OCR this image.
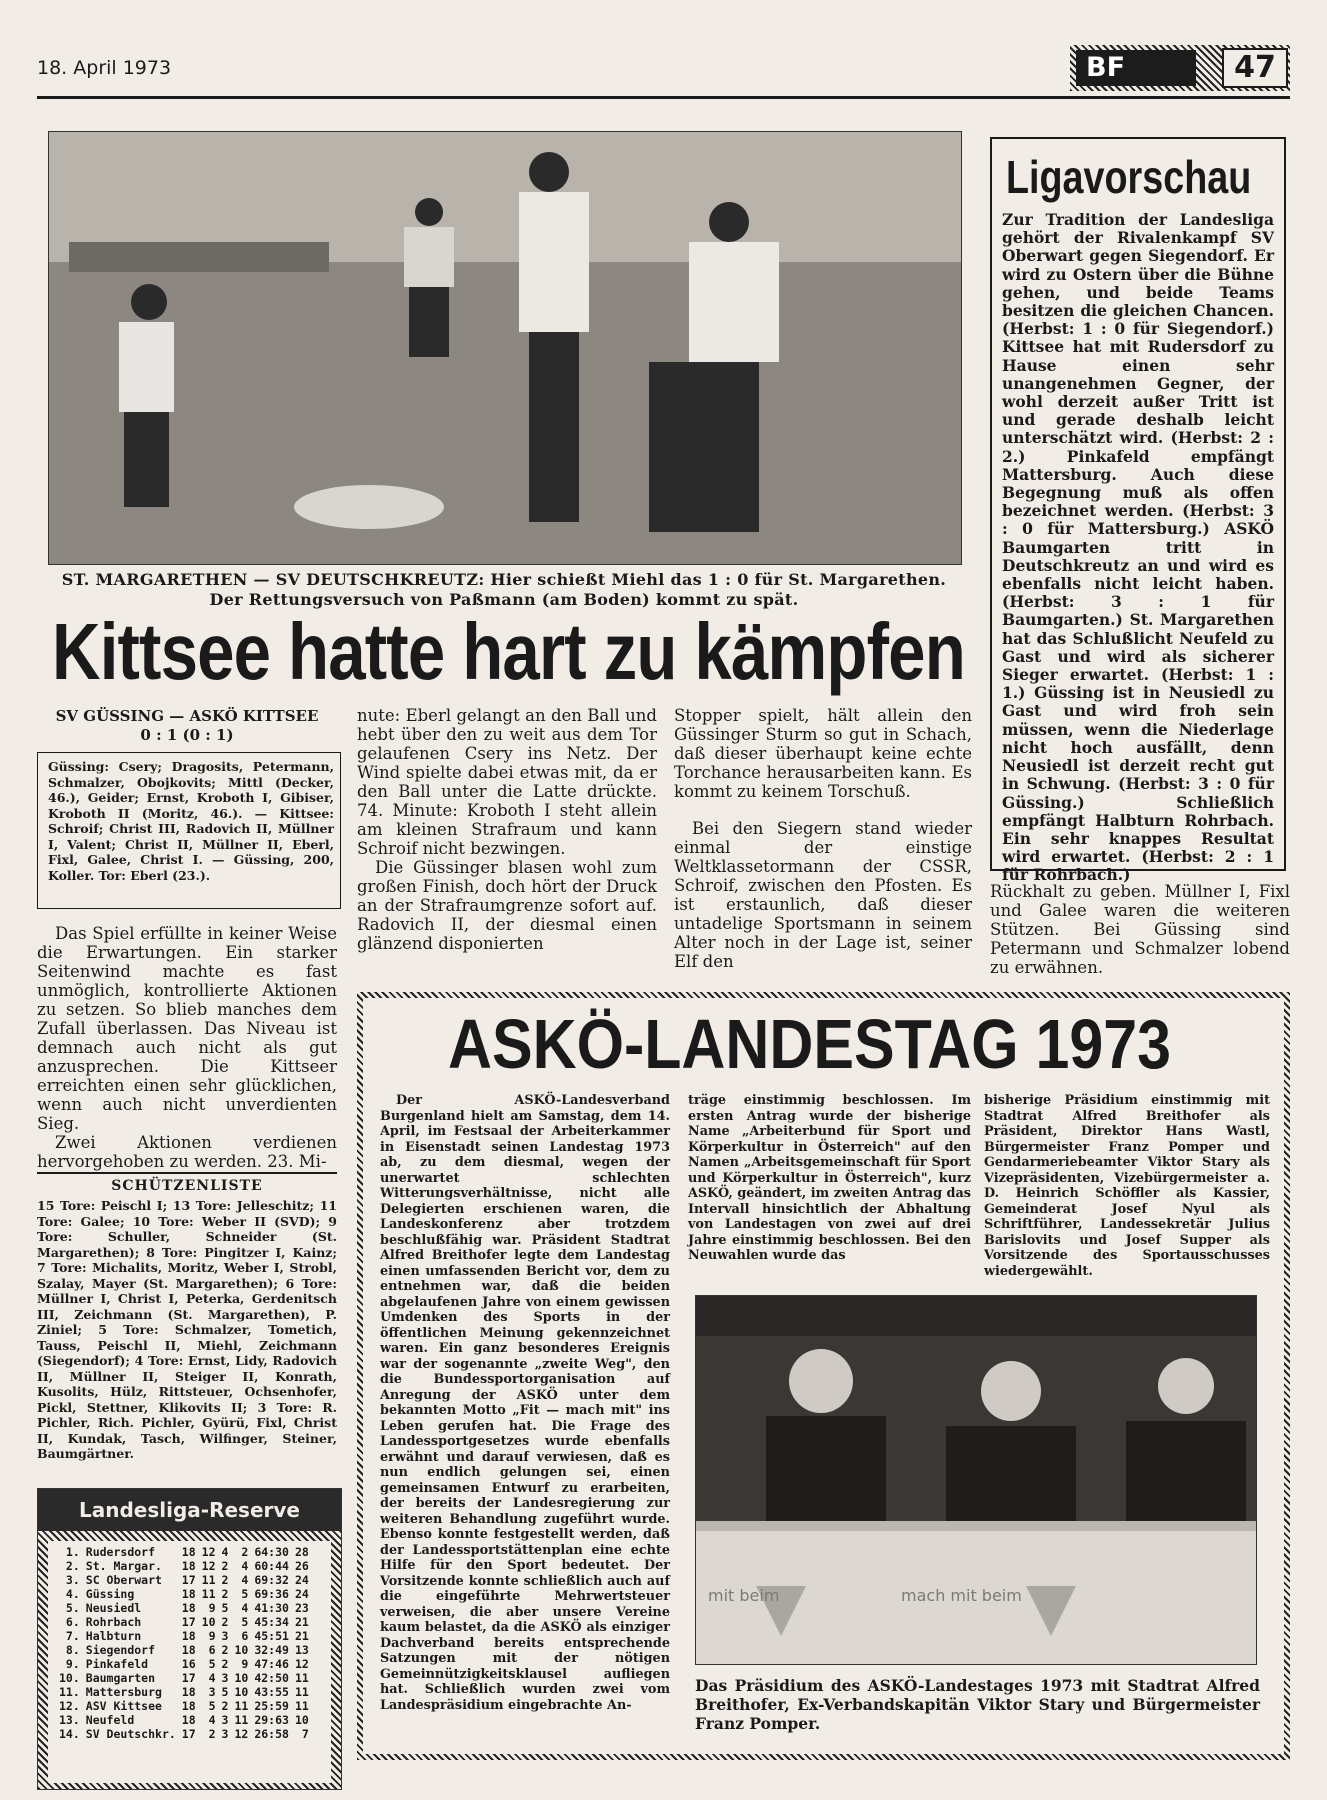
18. April 1973	BF	47
ST. MARGARETHEN — SV DEUTSCHKREUTZ: Hier schießt Miehl das 1 : 0 für St. Margarethen. Der Rettungsversuch von Paßmann (am Boden) kommt zu spät.
Kittsee hatte hart zu kämpfen
SV GÜSSING — ASKÖ KITTSEE
0 : 1 (0 : 1)

Güssing: Csery; Dragosits, Petermann, Schmalzer, Obojkovits; Mittl (Decker, 46.), Geider; Ernst, Kroboth I, Gibiser, Kroboth II (Moritz, 46.). — Kittsee: Schroif; Christ III, Radovich II, Müllner I, Valent; Christ II, Müllner II, Eberl, Fixl, Galee, Christ I. — Güssing, 200, Koller. Tor: Eberl (23.).

Das Spiel erfüllte in keiner Weise die Erwartungen. Ein starker Seitenwind machte es fast unmöglich, kontrollierte Aktionen zu setzen. So blieb manches dem Zufall überlassen. Das Niveau ist demnach auch nicht als gut anzusprechen. Die Kittseer erreichten einen sehr glücklichen, wenn auch nicht unverdienten Sieg.

Zwei Aktionen verdienen hervorgehoben zu werden. 23. Mi-

nute: Eberl gelangt an den Ball und hebt über den zu weit aus dem Tor gelaufenen Csery ins Netz. Der Wind spielte dabei etwas mit, da er den Ball unter die Latte drückte. 74. Minute: Kroboth I steht allein am kleinen Strafraum und kann Schroif nicht bezwingen.

Die Güssinger blasen wohl zum großen Finish, doch hört der Druck an der Strafraumgrenze sofort auf. Radovich II, der diesmal einen glänzend disponierten

Stopper spielt, hält allein den Güssinger Sturm so gut in Schach, daß dieser überhaupt keine echte Torchance herausarbeiten kann. Es kommt zu keinem Torschuß.

Bei den Siegern stand wieder einmal der einstige Weltklassetormann der CSSR, Schroif, zwischen den Pfosten. Es ist erstaunlich, daß dieser untadelige Sportsmann in seinem Alter noch in der Lage ist, seiner Elf den

Rückhalt zu geben. Müllner I, Fixl und Galee waren die weiteren Stützen. Bei Güssing sind Petermann und Schmalzer lobend zu erwähnen.

Ligavorschau
Zur Tradition der Landesliga gehört der Rivalenkampf SV Oberwart gegen Siegendorf. Er wird zu Ostern über die Bühne gehen, und beide Teams besitzen die gleichen Chancen. (Herbst: 1 : 0 für Siegendorf.) Kittsee hat mit Rudersdorf zu Hause einen sehr unangenehmen Gegner, der wohl derzeit außer Tritt ist und gerade deshalb leicht unterschätzt wird. (Herbst: 2 : 2.) Pinkafeld empfängt Mattersburg. Auch diese Begegnung muß als offen bezeichnet werden. (Herbst: 3 : 0 für Mattersburg.) ASKÖ Baumgarten tritt in Deutschkreutz an und wird es ebenfalls nicht leicht haben. (Herbst: 3 : 1 für Baumgarten.) St. Margarethen hat das Schlußlicht Neufeld zu Gast und wird als sicherer Sieger erwartet. (Herbst: 1 : 1.) Güssing ist in Neusiedl zu Gast und wird froh sein müssen, wenn die Niederlage nicht hoch ausfällt, denn Neusiedl ist derzeit recht gut in Schwung. (Herbst: 3 : 0 für Güssing.) Schließlich empfängt Halbturn Rohrbach. Ein sehr knappes Resultat wird erwartet. (Herbst: 2 : 1 für Rohrbach.)
SCHÜTZENLISTE

15 Tore: Peischl I; 13 Tore: Jelleschitz; 11 Tore: Galee; 10 Tore: Weber II (SVD); 9 Tore: Schuller, Schneider (St. Margarethen); 8 Tore: Pingitzer I, Kainz; 7 Tore: Michalits, Moritz, Weber I, Strobl, Szalay, Mayer (St. Margarethen); 6 Tore: Müllner I, Christ I, Peterka, Gerdenitsch III, Zeichmann (St. Margarethen), P. Ziniel; 5 Tore: Schmalzer, Tometich, Tauss, Peischl II, Miehl, Zeichmann (Siegendorf); 4 Tore: Ernst, Lidy, Radovich II, Müllner II, Steiger II, Konrath, Kusolits, Hülz, Rittsteuer, Ochsenhofer, Pickl, Stettner, Klikovits II; 3 Tore: R. Pichler, Rich. Pichler, Gyürü, Fixl, Christ II, Kundak, Tasch, Wilfinger, Steiner, Baumgärtner.

Landesliga-Reserve
1.	Rudersdorf	18	12	4	2	64:30	28
2.	St. Margar.	18	12	2	4	60:44	26
3.	SC Oberwart	17	11	2	4	69:32	24
4.	Güssing	18	11	2	5	69:36	24
5.	Neusiedl	18	9	5	4	41:30	23
6.	Rohrbach	17	10	2	5	45:34	21
7.	Halbturn	18	9	3	6	45:51	21
8.	Siegendorf	18	6	2	10	32:49	13
9.	Pinkafeld	16	5	2	9	47:46	12
10.	Baumgarten	17	4	3	10	42:50	11
11.	Mattersburg	18	3	5	10	43:55	11
12.	ASV Kittsee	18	5	2	11	25:59	11
13.	Neufeld	18	4	3	11	29:63	10
14.	SV Deutschkr.	17	2	3	12	26:58	7
ASKÖ-LANDESTAG 1973

Der ASKÖ-Landesverband Burgenland hielt am Samstag, dem 14. April, im Festsaal der Arbeiterkammer in Eisenstadt seinen Landestag 1973 ab, zu dem diesmal, wegen der unerwartet schlechten Witterungsverhältnisse, nicht alle Delegierten erschienen waren, die Landeskonferenz aber trotzdem beschlußfähig war. Präsident Stadtrat Alfred Breithofer legte dem Landestag einen umfassenden Bericht vor, dem zu entnehmen war, daß die beiden abgelaufenen Jahre von einem gewissen Umdenken des Sports in der öffentlichen Meinung gekennzeichnet waren. Ein ganz besonderes Ereignis war der sogenannte „zweite Weg", den die Bundessportorganisation auf Anregung der ASKÖ unter dem bekannten Motto „Fit — mach mit" ins Leben gerufen hat. Die Frage des Landessportgesetzes wurde ebenfalls erwähnt und darauf verwiesen, daß es nun endlich gelungen sei, einen gemeinsamen Entwurf zu erarbeiten, der bereits der Landesregierung zur weiteren Behandlung zugeführt wurde. Ebenso konnte festgestellt werden, daß der Landessportstättenplan eine echte Hilfe für den Sport bedeutet. Der Vorsitzende konnte schließlich auch auf die eingeführte Mehrwertsteuer verweisen, die aber unsere Vereine kaum belastet, da die ASKÖ als einziger Dachverband bereits entsprechende Satzungen mit der nötigen Gemeinnützigkeitsklausel aufliegen hat. Schließlich wurden zwei vom Landespräsidium eingebrachte An-

träge einstimmig beschlossen. Im ersten Antrag wurde der bisherige Name „Arbeiterbund für Sport und Körperkultur in Österreich" auf den Namen „Arbeitsgemeinschaft für Sport und Körperkultur in Österreich", kurz ASKÖ, geändert, im zweiten Antrag das Intervall hinsichtlich der Abhaltung von Landestagen von zwei auf drei Jahre einstimmig beschlossen. Bei den Neuwahlen wurde das

bisherige Präsidium einstimmig mit Stadtrat Alfred Breithofer als Präsident, Direktor Hans Wastl, Bürgermeister Franz Pomper und Gendarmeriebeamter Viktor Stary als Vizepräsidenten, Vizebürgermeister a. D. Heinrich Schöffler als Kassier, Gemeinderat Josef Nyul als Schriftführer, Landessekretär Julius Barislovits und Josef Supper als Vorsitzende des Sportausschusses wiedergewählt.

mit beim	mach mit beim
Das Präsidium des ASKÖ-Landestages 1973 mit Stadtrat Alfred Breithofer, Ex-Verbandskapitän Viktor Stary und Bürgermeister Franz Pomper.
